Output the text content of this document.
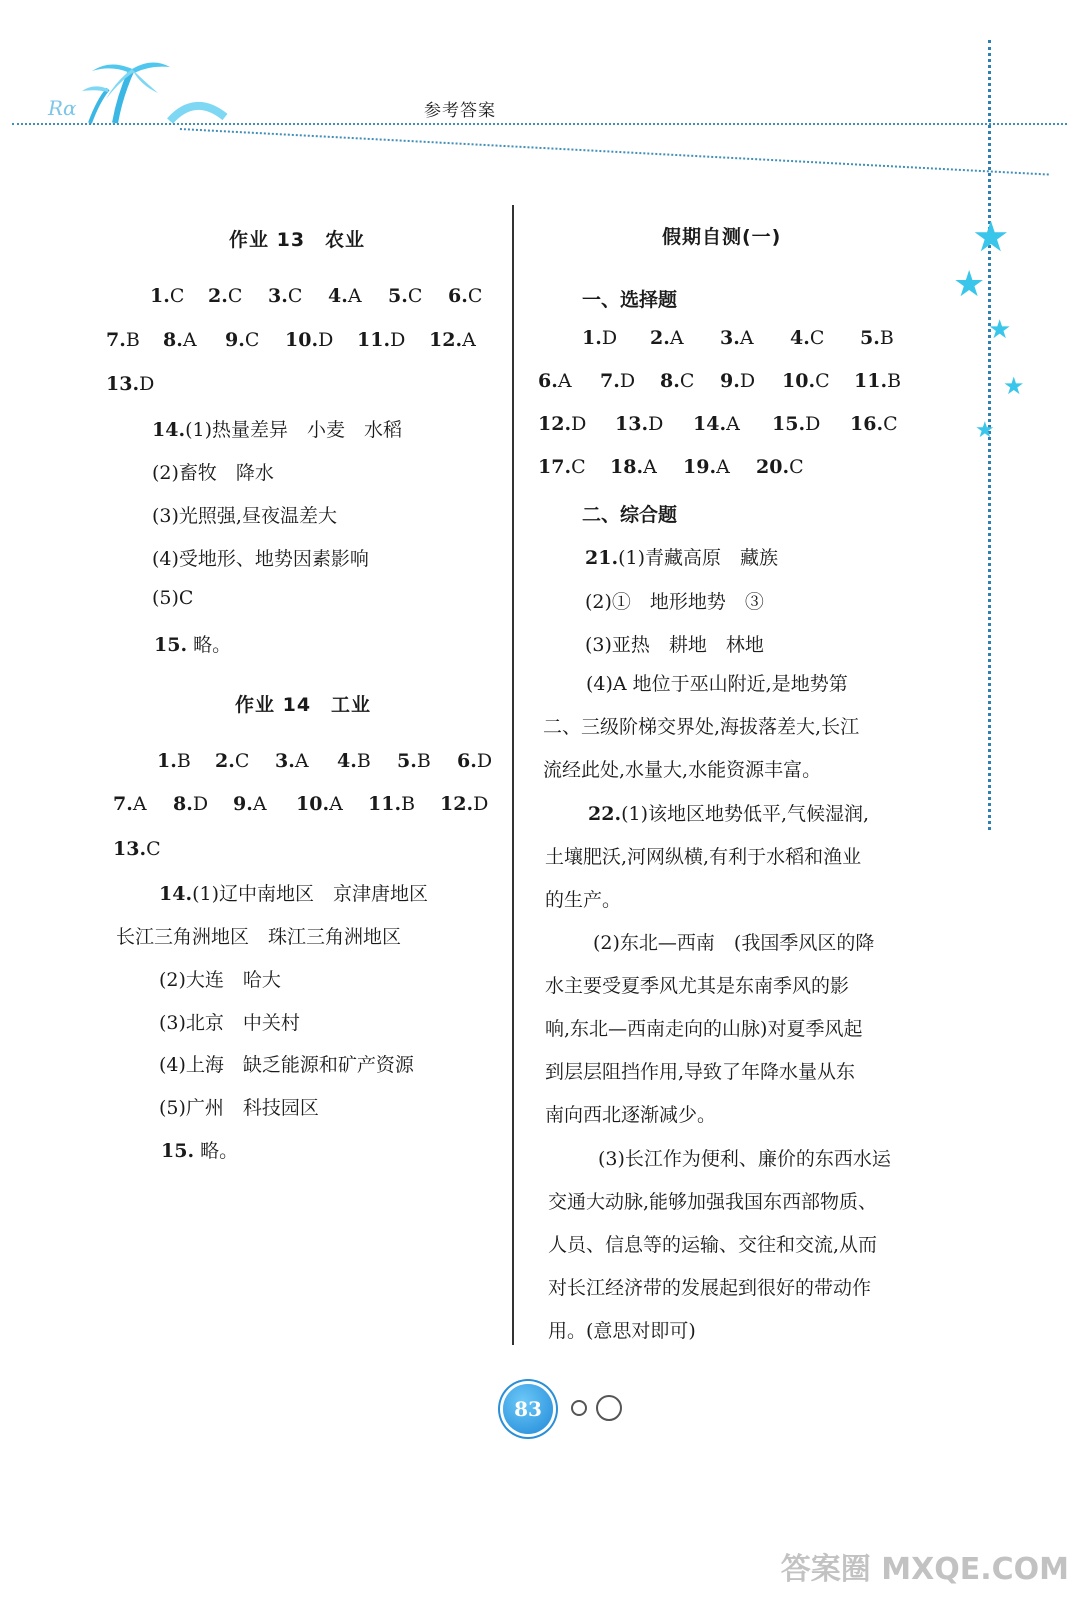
Rα	参考答案
★
★
★
★
★
作业 13　农业
1.C 2.C 3.C 4.A 5.C 6.C
7.B 8.A 9.C 10.D 11.D 12.A
13.D
14.(1)热量差异　小麦　水稻
(2)畜牧　降水
(3)光照强,昼夜温差大
(4)受地形、地势因素影响
(5)C
15. 略。
作业 14　工业
1.B 2.C 3.A 4.B 5.B 6.D
7.A 8.D 9.A 10.A 11.B 12.D
13.C
14.(1)辽中南地区　京津唐地区
长江三角洲地区　珠江三角洲地区
(2)大连　哈大
(3)北京　中关村
(4)上海　缺乏能源和矿产资源
(5)广州　科技园区
15. 略。
假期自测(一)
一、选择题
1.D 2.A 3.A 4.C 5.B
6.A 7.D 8.C 9.D 10.C 11.B
12.D 13.D 14.A 15.D 16.C
17.C 18.A 19.A 20.C
二、综合题
21.(1)青藏高原　藏族
(2)①　地形地势　③
(3)亚热　耕地　林地
(4)A 地位于巫山附近,是地势第
二、三级阶梯交界处,海拔落差大,长江
流经此处,水量大,水能资源丰富。
22.(1)该地区地势低平,气候湿润,
土壤肥沃,河网纵横,有利于水稻和渔业
的生产。
(2)东北—西南　(我国季风区的降
水主要受夏季风尤其是东南季风的影
响,东北—西南走向的山脉)对夏季风起
到层层阻挡作用,导致了年降水量从东
南向西北逐渐减少。
(3)长江作为便利、廉价的东西水运
交通大动脉,能够加强我国东西部物质、
人员、信息等的运输、交往和交流,从而
对长江经济带的发展起到很好的带动作
用。(意思对即可)
83
答案圈 MXQE.COM
